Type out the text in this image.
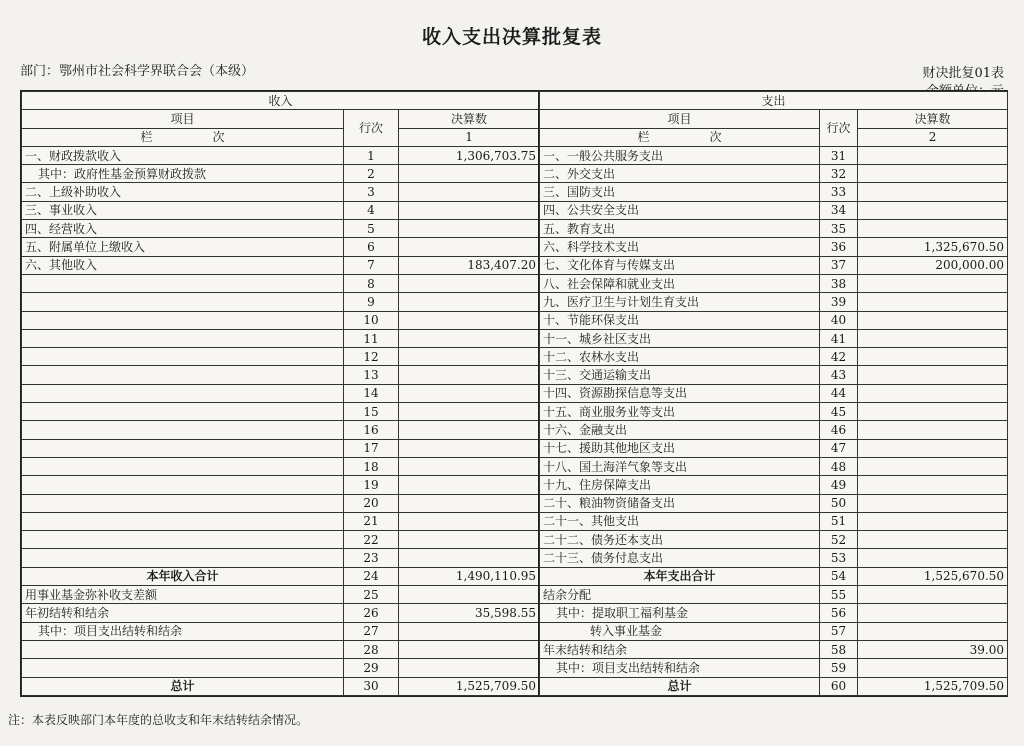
收入支出决算批复表
部门：鄂州市社会科学界联合会（本级）	财决批复01表
收入		
项目	行次	决算数
栏　　　　　次		1
一、财政拨款收入	1	1,306,703.75
其中：政府性基金预算财政拨款	2	
二、上级补助收入	3	
三、事业收入	4	
四、经营收入	5	
五、附属单位上缴收入	6	
六、其他收入	7	183,407.20
	8	
	9	
	10	
	11	
	12	
	13	
	14	
	15	
	16	
	17	
	18	
	19	
	20	
	21	
	22	
	23	
本年收入合计	24	1,490,110.95
用事业基金弥补收支差额	25	
年初结转和结余	26	35,598.55
其中：项目支出结转和结余	27	
	28	
	29	
总计	30	1,525,709.50
支出		
项目	行次	决算数
栏　　　　　次		2
一、一般公共服务支出	31	
二、外交支出	32	
三、国防支出	33	
四、公共安全支出	34	
五、教育支出	35	
六、科学技术支出	36	1,325,670.50
七、文化体育与传媒支出	37	200,000.00
八、社会保障和就业支出	38	
九、医疗卫生与计划生育支出	39	
十、节能环保支出	40	
十一、城乡社区支出	41	
十二、农林水支出	42	
十三、交通运输支出	43	
十四、资源勘探信息等支出	44	
十五、商业服务业等支出	45	
十六、金融支出	46	
十七、援助其他地区支出	47	
十八、国土海洋气象等支出	48	
十九、住房保障支出	49	
二十、粮油物资储备支出	50	
二十一、其他支出	51	
二十二、债务还本支出	52	
二十三、债务付息支出	53	
本年支出合计	54	1,525,670.50
结余分配	55	
其中：提取职工福利基金	56	
转入事业基金	57	
年末结转和结余	58	39.00
其中：项目支出结转和结余	59	
总计	60	1,525,709.50
注：本表反映部门本年度的总收支和年末结转结余情况。
